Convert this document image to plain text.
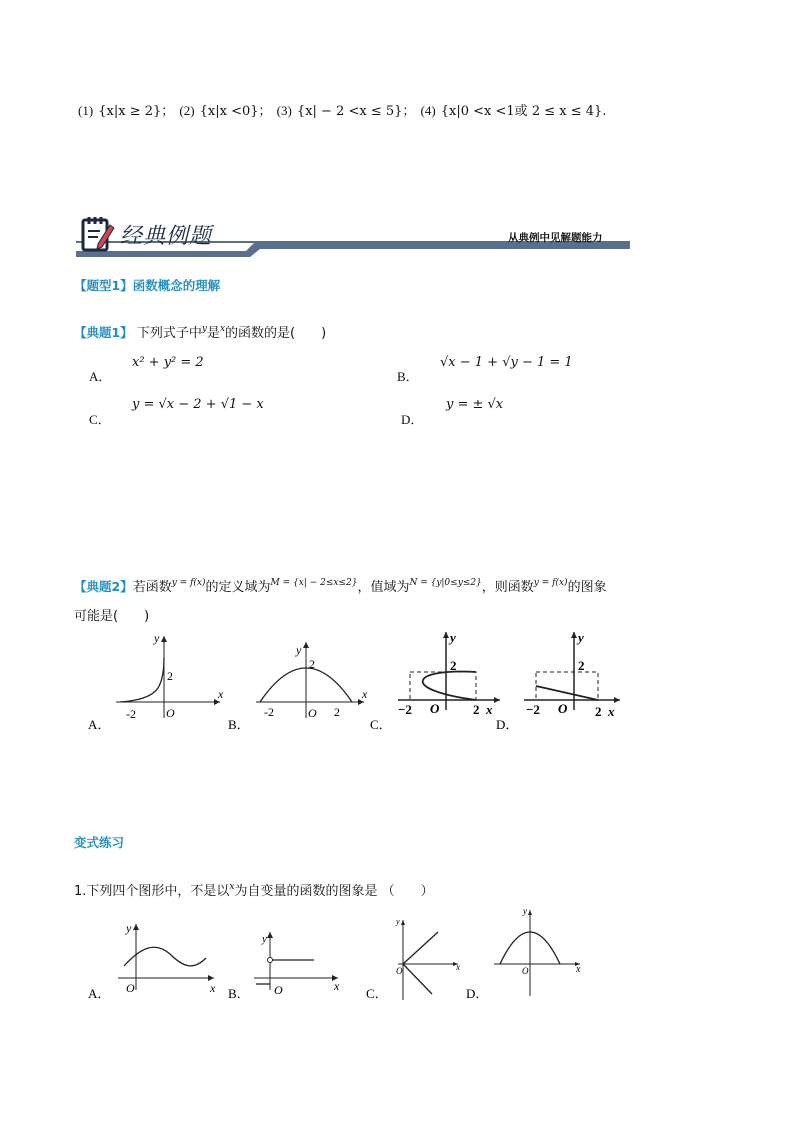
(1) {x|x ≥ 2}； (2) {x|x <0}； (3) {x| − 2 <x ≤ 5}； (4) {x|0 <x <1或 2 ≤ x ≤ 4}.
经典例题	从典例中见解题能力
【题型1】函数概念的理解
【典题1】 下列式子中$^y$是$^x$的函数的是(　　)
A．
x² + y² = 2
B．
√x − 1 + √y − 1 = 1
C．
y = √x − 2 + √1 − x
D．
y = ± √x
【典题2】若函数$^{y = f(x)}$的定义域为$^{M = \{x| - 2\le x\le 2\}}$，值域为$^{N = \{y|0\le y\le 2\}}$，则函数$^{y = f(x)}$的图象
可能是(　　)
A．
y
x
2
-2	O
B．
y
x
2
-2	2
O
C．
y
x
2
−2	2
O
D．
y
x
2
−2	2
O
变式练习
1.下列四个图形中，不是以$^x$为自变量的函数的图象是 （　　）
A．
y
x
O	B．
y
x
O	C．
y
x
O
D．
y
x
O
